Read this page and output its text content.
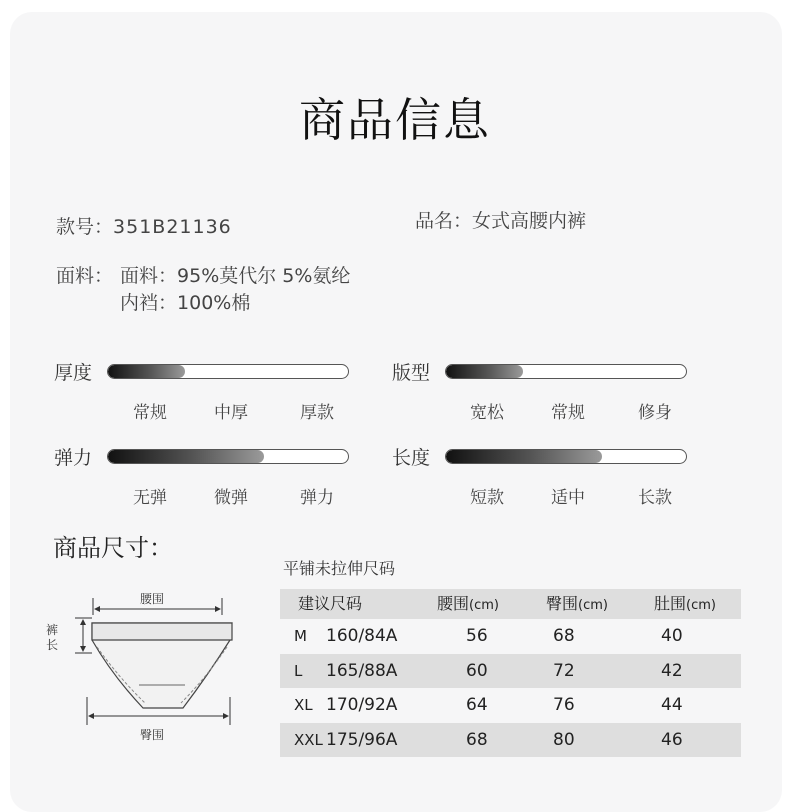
商品信息
款号：351B21136	品名：女式高腰内裤
面料： 面料：95%莫代尔 5%氨纶
内裆：100%棉
厚度
常规	中厚	厚款
版型
宽松	常规	修身
弹力
无弹	微弹	弹力
长度
短款	适中	长款
商品尺寸：
平铺未拉伸尺码
腰围
臀围
裤长
建议尺码	腰围(cm)	臀围(cm)	肚围(cm)
M 160/84A	56	68	40
L 165/88A	60	72	42
XL 170/92A	64	76	44
XXL 175/96A	68	80	46
